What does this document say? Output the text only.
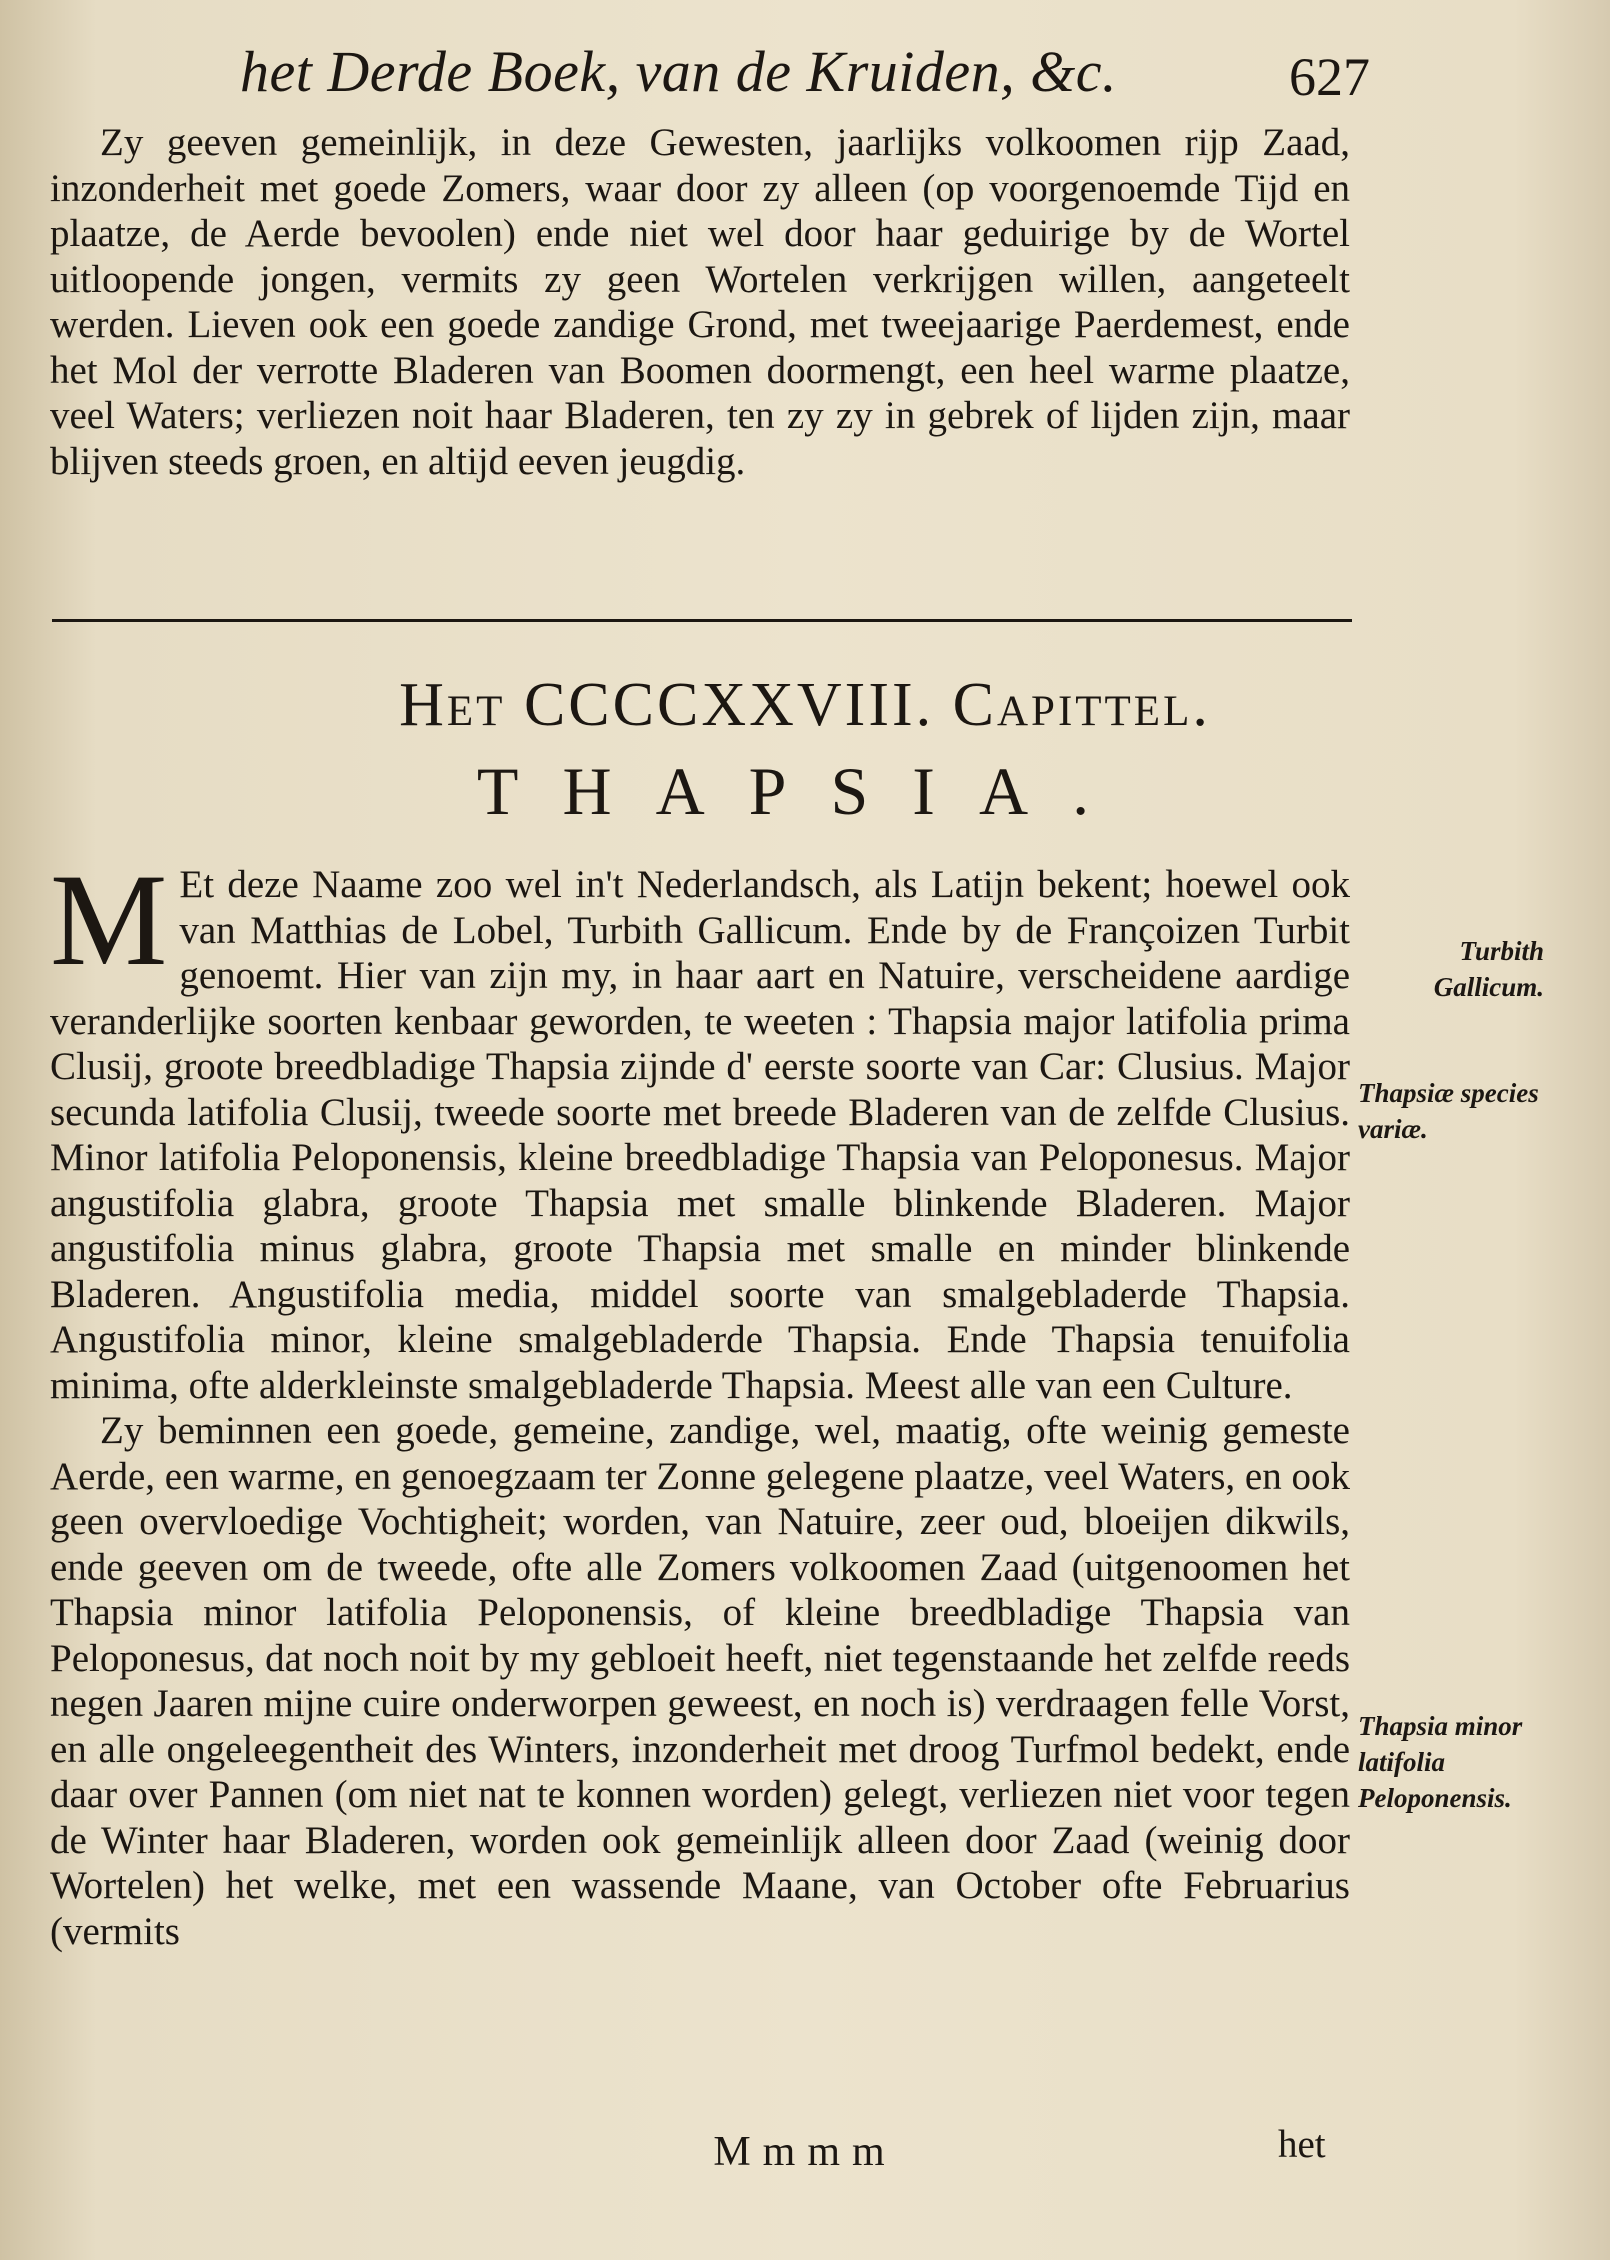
het Derde Boek, van de Kruiden, &c.	627
Zy geeven gemeinlijk, in deze Gewesten, jaarlijks volkoomen rijp Zaad, inzonderheit met goede Zomers, waar door zy alleen (op voorgenoemde Tijd en plaatze, de Aerde bevoolen) ende niet wel door haar geduirige by de Wortel uitloopende jongen, vermits zy geen Wortelen verkrijgen willen, aangeteelt werden. Lieven ook een goede zandige Grond, met tweejaarige Paerdemest, ende het Mol der verrotte Bladeren van Boomen doormengt, een heel warme plaatze, veel Waters; verliezen noit haar Bladeren, ten zy zy in gebrek of lijden zijn, maar blijven steeds groen, en altijd eeven jeugdig.
Het CCCCXXVIII. Capittel.
THAPSIA.

M Et deze Naame zoo wel in't Nederlandsch, als Latijn bekent; hoewel ook van Matthias de Lobel, Turbith Gallicum. Ende by de Françoizen Turbit genoemt. Hier van zijn my, in haar aart en Natuire, verscheidene aardige veranderlijke soorten kenbaar geworden, te weeten : Thapsia major latifolia prima Clusij, groote breedbladige Thapsia zijnde d' eerste soorte van Car: Clusius. Major secunda latifolia Clusij, tweede soorte met breede Bladeren van de zelfde Clusius. Minor latifolia Peloponensis, kleine breedbladige Thapsia van Peloponesus. Major angustifolia glabra, groote Thapsia met smalle blinkende Bladeren. Major angustifolia minus glabra, groote Thapsia met smalle en minder blinkende Bladeren. Angustifolia media, middel soorte van smalgebladerde Thapsia. Angustifolia minor, kleine smalgebladerde Thapsia. Ende Thapsia tenuifolia minima, ofte alderkleinste smalgebladerde Thapsia. Meest alle van een Culture.

Zy beminnen een goede, gemeine, zandige, wel, maatig, ofte weinig gemeste Aerde, een warme, en genoegzaam ter Zonne gelegene plaatze, veel Waters, en ook geen overvloedige Vochtigheit; worden, van Natuire, zeer oud, bloeijen dikwils, ende geeven om de tweede, ofte alle Zomers volkoomen Zaad (uitgenoomen het Thapsia minor latifolia Peloponensis, of kleine breedbladige Thapsia van Peloponesus, dat noch noit by my gebloeit heeft, niet tegenstaande het zelfde reeds negen Jaaren mijne cuire onderworpen geweest, en noch is) verdraagen felle Vorst, en alle ongeleegentheit des Winters, inzonderheit met droog Turfmol bedekt, ende daar over Pannen (om niet nat te konnen worden) gelegt, verliezen niet voor tegen de Winter haar Bladeren, worden ook gemeinlijk alleen door Zaad (weinig door Wortelen) het welke, met een wassende Maane, van October ofte Februarius (vermits

Turbith Gallicum.
Thapsiæ species variæ.
Thapsia minor latifolia Peloponensis.
Mmmm	het
